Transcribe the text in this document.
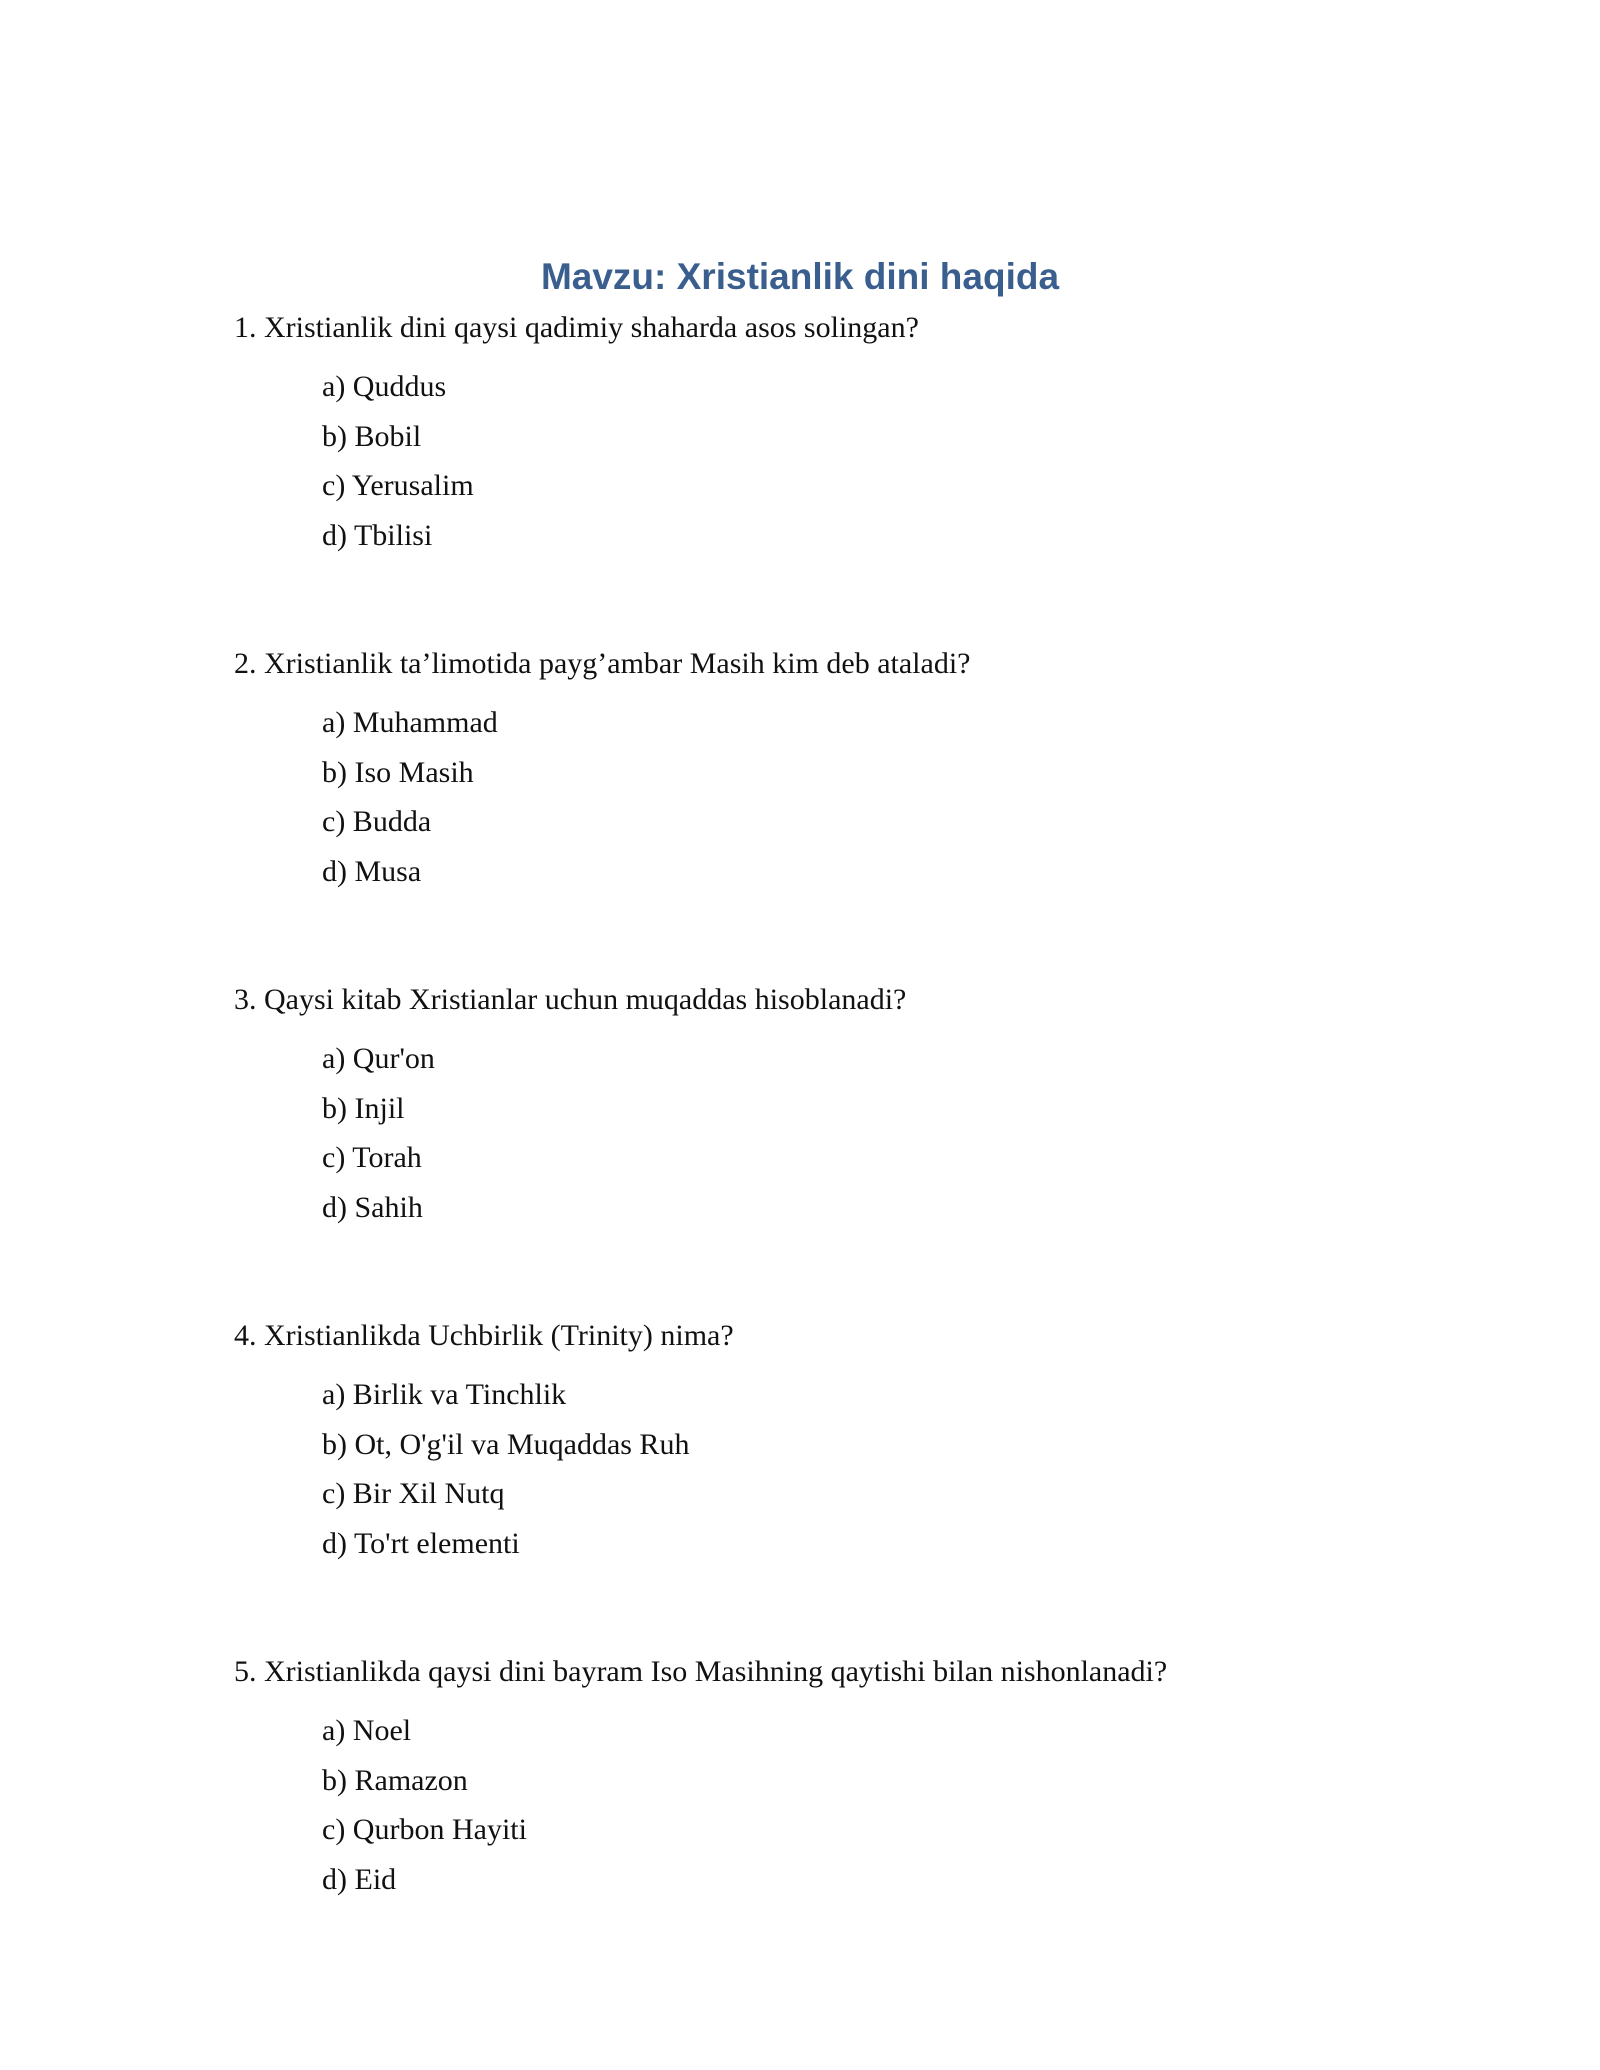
Mavzu: Xristianlik dini haqida
1. Xristianlik dini qaysi qadimiy shaharda asos solingan?
a) Quddus
b) Bobil
c) Yerusalim
d) Tbilisi
2. Xristianlik ta’limotida payg’ambar Masih kim deb ataladi?
a) Muhammad
b) Iso Masih
c) Budda
d) Musa
3. Qaysi kitab Xristianlar uchun muqaddas hisoblanadi?
a) Qur'on
b) Injil
c) Torah
d) Sahih
4. Xristianlikda Uchbirlik (Trinity) nima?
a) Birlik va Tinchlik
b) Ot, O'g'il va Muqaddas Ruh
c) Bir Xil Nutq
d) To'rt elementi
5. Xristianlikda qaysi dini bayram Iso Masihning qaytishi bilan nishonlanadi?
a) Noel
b) Ramazon
c) Qurbon Hayiti
d) Eid
